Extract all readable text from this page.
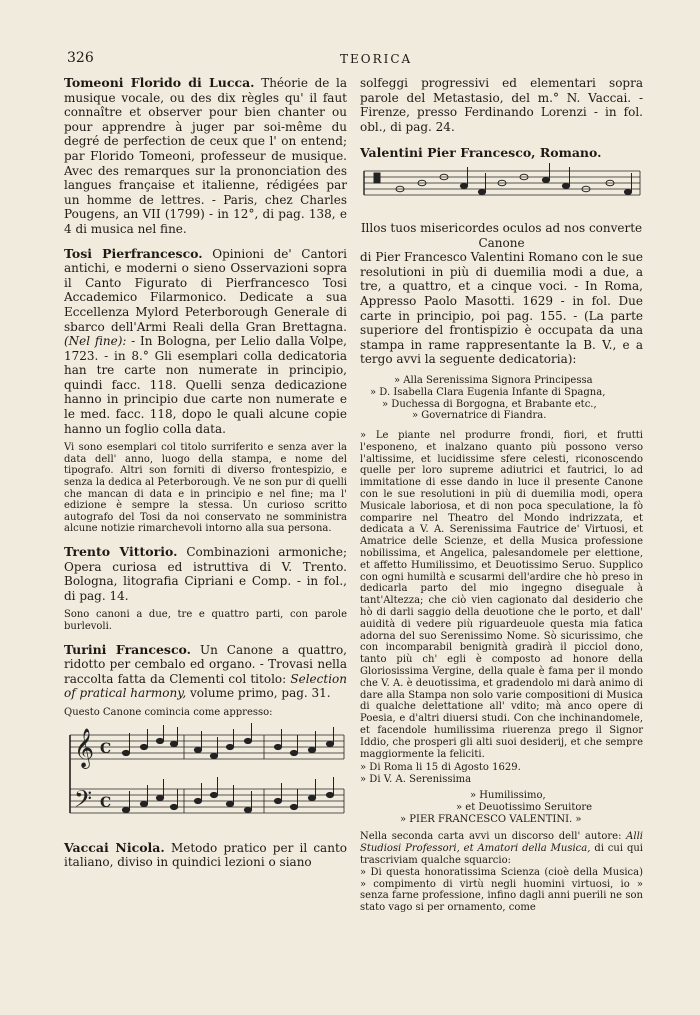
326	TEORICA

Tomeoni Florido di Lucca. Théorie de la musique vocale, ou des dix règles qu' il faut connaître et observer pour bien chanter ou pour apprendre à juger par soi-même du degré de perfection de ceux que l' on entend; par Florido Tomeoni, professeur de musique. Avec des remarques sur la prononciation des langues française et italienne, rédigées par un homme de lettres. - Paris, chez Charles Pougens, an VII (1799) - in 12°, di pag. 138, e 4 di musica nel fine.

Tosi Pierfrancesco. Opinioni de' Cantori antichi, e moderni o sieno Osservazioni sopra il Canto Figurato di Pierfrancesco Tosi Accademico Filarmonico. Dedicate a sua Eccellenza Mylord Peterborough Generale di sbarco dell'Armi Reali della Gran Brettagna. (Nel fine): - In Bologna, per Lelio dalla Volpe, 1723. - in 8.° Gli esemplari colla dedicatoria han tre carte non numerate in principio, quindi facc. 118. Quelli senza dedicazione hanno in principio due carte non numerate e le med. facc. 118, dopo le quali alcune copie hanno un foglio colla data.

Vi sono esemplari col titolo surriferito e senza aver la data dell' anno, luogo della stampa, e nome del tipografo. Altri son forniti di diverso frontespizio, e senza la dedica al Peterborough. Ve ne son pur di quelli che mancan di data e in principio e nel fine; ma l' edizione è sempre la stessa. Un curioso scritto autografo del Tosi da noi conservato ne somministra alcune notizie rimarchevoli intorno alla sua persona.

Trento Vittorio. Combinazioni armoniche; Opera curiosa ed istruttiva di V. Trento. Bologna, litografia Cipriani e Comp. - in fol., di pag. 14.

Sono canoni a due, tre e quattro parti, con parole burlevoli.

Turini Francesco. Un Canone a quattro, ridotto per cembalo ed organo. - Trovasi nella raccolta fatta da Clementi col titolo: Selection of pratical harmony, volume primo, pag. 31.

Questo Canone comincia come appresso:

𝄞
𝄢
C
C

Vaccai Nicola. Metodo pratico per il canto italiano, diviso in quindici lezioni o siano

solfeggi progressivi ed elementari sopra parole del Metastasio, del m.° N. Vaccai. - Firenze, presso Ferdinando Lorenzi - in fol. obl., di pag. 24.

Valentini Pier Francesco, Romano.

Illos tuos misericordes oculos ad nos converte

Canone

di Pier Francesco Valentini Romano con le sue resolutioni in più di duemilia modi a due, a tre, a quattro, et a cinque voci. - In Roma, Appresso Paolo Masotti. 1629 - in fol. Due carte in principio, poi pag. 155. - (La parte superiore del frontispizio è occupata da una stampa in rame rappresentante la B. V., e a tergo avvi la seguente dedicatoria):

» Alla Serenissima Signora Principessa

» D. Isabella Clara Eugenia Infante di Spagna,

» Duchessa di Borgogna, et Brabante etc.,

» Governatrice di Fiandra.

» Le piante nel produrre frondi, fiori, et frutti l'esponeno, et inalzano quanto più possono verso l'altissime, et lucidissime sfere celesti, riconoscendo quelle per loro supreme adiutrici et fautrici, lo ad immitatione di esse dando in luce il presente Canone con le sue resolutioni in più di duemilia modi, opera Musicale laboriosa, et di non poca speculatione, la fò comparire nel Theatro del Mondo indrizzata, et dedicata a V. A. Serenissima Fautrice de' Virtuosi, et Amatrice delle Scienze, et della Musica professione nobilissima, et Angelica, palesandomele per elettione, et affetto Humilissimo, et Deuotissimo Seruo. Supplico con ogni humiltà e scusarmi dell'ardire che hò preso in dedicarla parto del mio ingegno diseguale à tant'Altezza; che ciò vien cagionato dal desiderio che hò di darli saggio della deuotione che le porto, et dall' auidità di vedere più riguardeuole questa mia fatica adorna del suo Serenissimo Nome. Sò sicurissimo, che con incomparabil benignità gradirà il picciol dono, tanto più ch' egli è composto ad honore della Gloriosissima Vergine, della quale è fama per il mondo che V. A. è deuotissima, et gradendolo mi darà animo di dare alla Stampa non solo varie compositioni di Musica di qualche delettatione all' vdito; mà anco opere di Poesia, e d'altri diuersi studi. Con che inchinandomele, et facendole humilissima riuerenza prego il Signor Iddio, che prosperi gli alti suoi desiderij, et che sempre maggiormente la feliciti.

» Di Roma li 15 di Agosto 1629.

» Di V. A. Serenissima

» Humilissimo,

» et Deuotissimo Seruitore

» PIER FRANCESCO VALENTINI. »

Nella seconda carta avvi un discorso dell' autore: Alli Studiosi Professori, et Amatori della Musica, di cui qui trascriviam qualche squarcio:

» Di questa honoratissima Scienza (cioè della Musica) » compimento di virtù negli huomini virtuosi, io » senza farne professione, infino dagli anni puerili ne son stato vago si per ornamento, come
